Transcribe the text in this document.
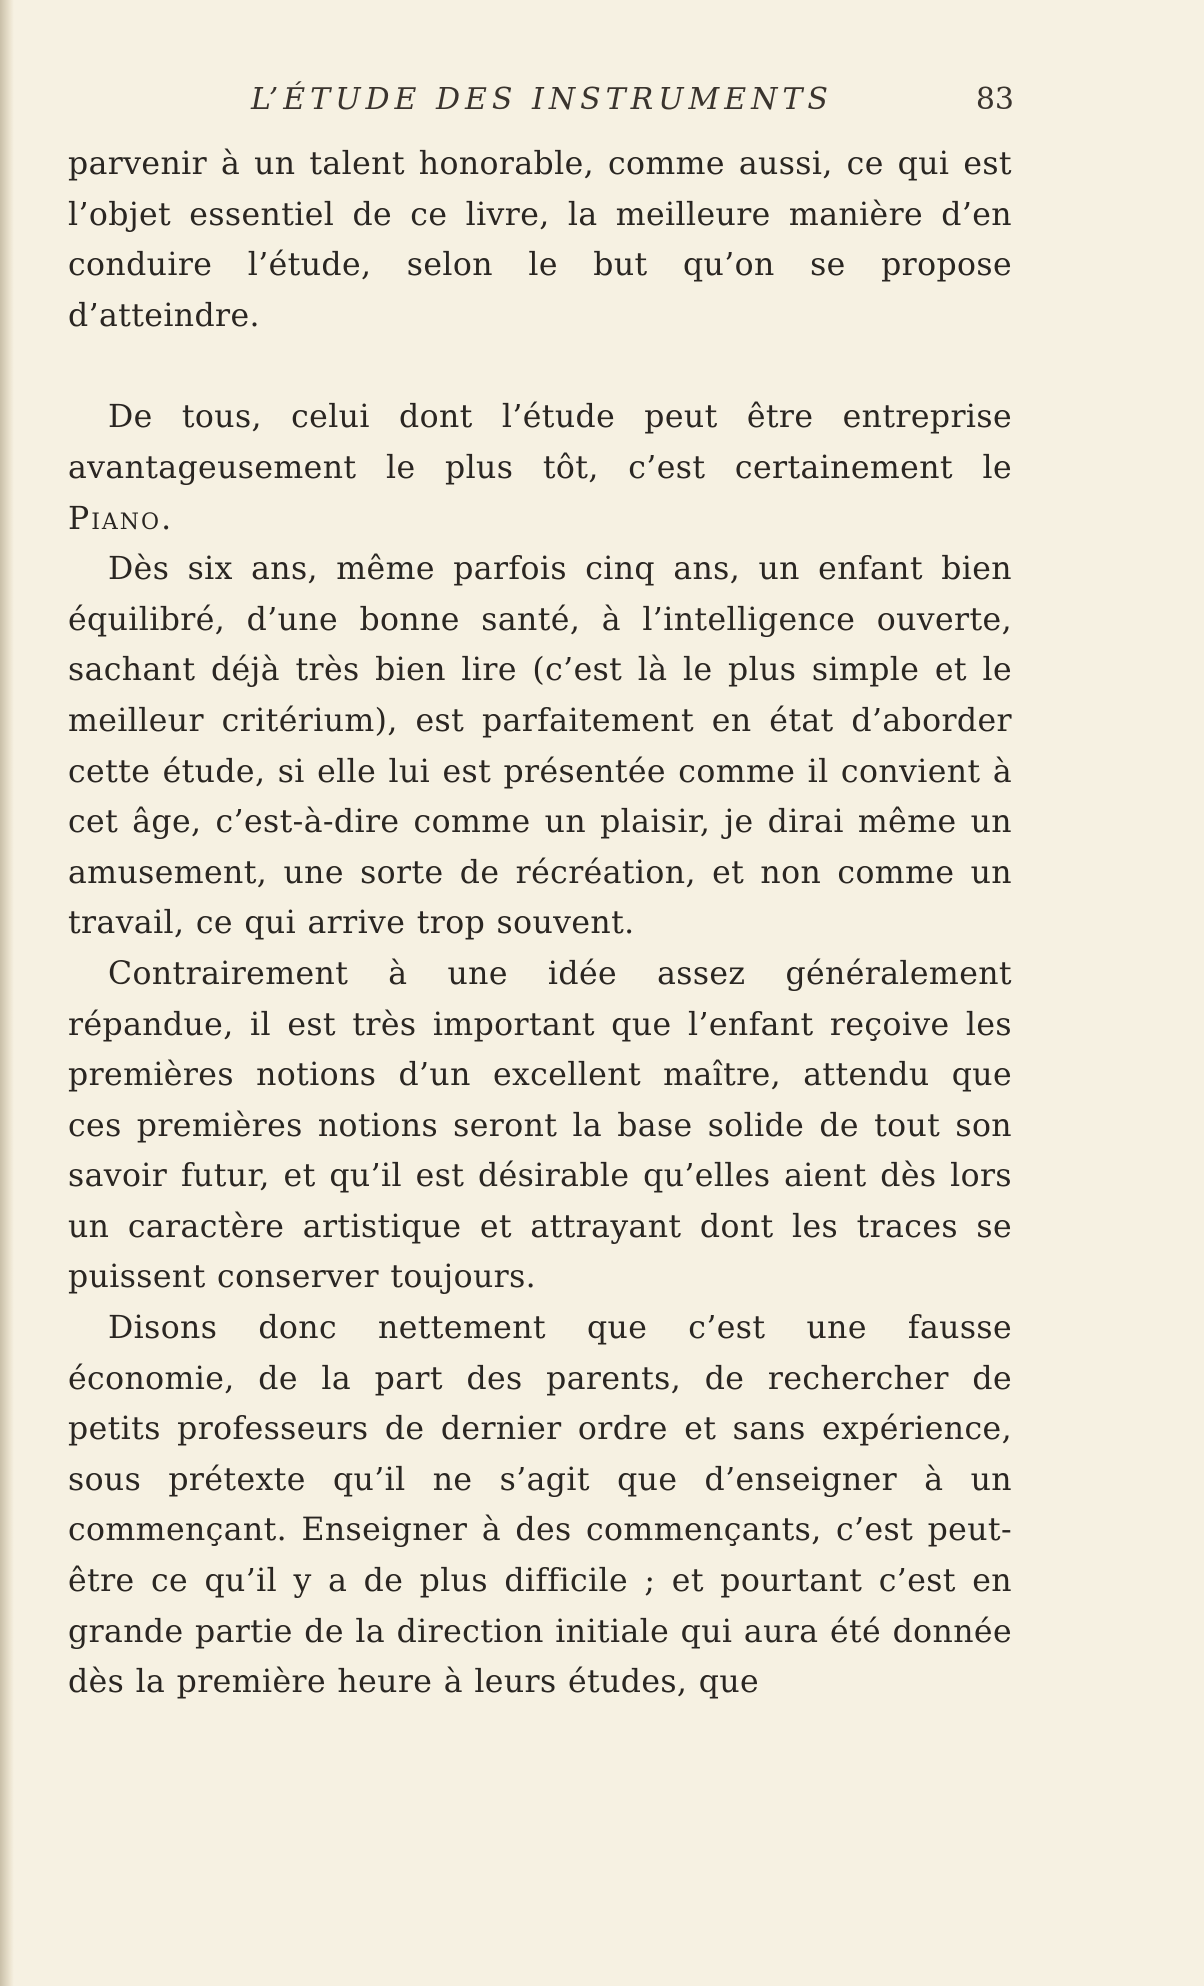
L’ÉTUDE DES INSTRUMENTS	83

parvenir à un talent honorable, comme aussi, ce qui est l’objet essentiel de ce livre, la meilleure manière d’en conduire l’étude, selon le but qu’on se propose d’atteindre.

De tous, celui dont l’étude peut être entreprise avantageusement le plus tôt, c’est certainement le Piano.

Dès six ans, même parfois cinq ans, un enfant bien équilibré, d’une bonne santé, à l’intelligence ouverte, sachant déjà très bien lire (c’est là le plus simple et le meilleur critérium), est parfaitement en état d’aborder cette étude, si elle lui est présentée comme il convient à cet âge, c’est-à-dire comme un plaisir, je dirai même un amusement, une sorte de récréation, et non comme un travail, ce qui arrive trop souvent.

Contrairement à une idée assez généralement répandue, il est très important que l’enfant reçoive les premières notions d’un excellent maître, attendu que ces premières notions seront la base solide de tout son savoir futur, et qu’il est désirable qu’elles aient dès lors un caractère artistique et attrayant dont les traces se puissent conserver toujours.

Disons donc nettement que c’est une fausse économie, de la part des parents, de rechercher de petits professeurs de dernier ordre et sans expérience, sous prétexte qu’il ne s’agit que d’enseigner à un commençant. Enseigner à des commençants, c’est peut-être ce qu’il y a de plus difficile ; et pourtant c’est en grande partie de la direction initiale qui aura été donnée dès la première heure à leurs études, que
